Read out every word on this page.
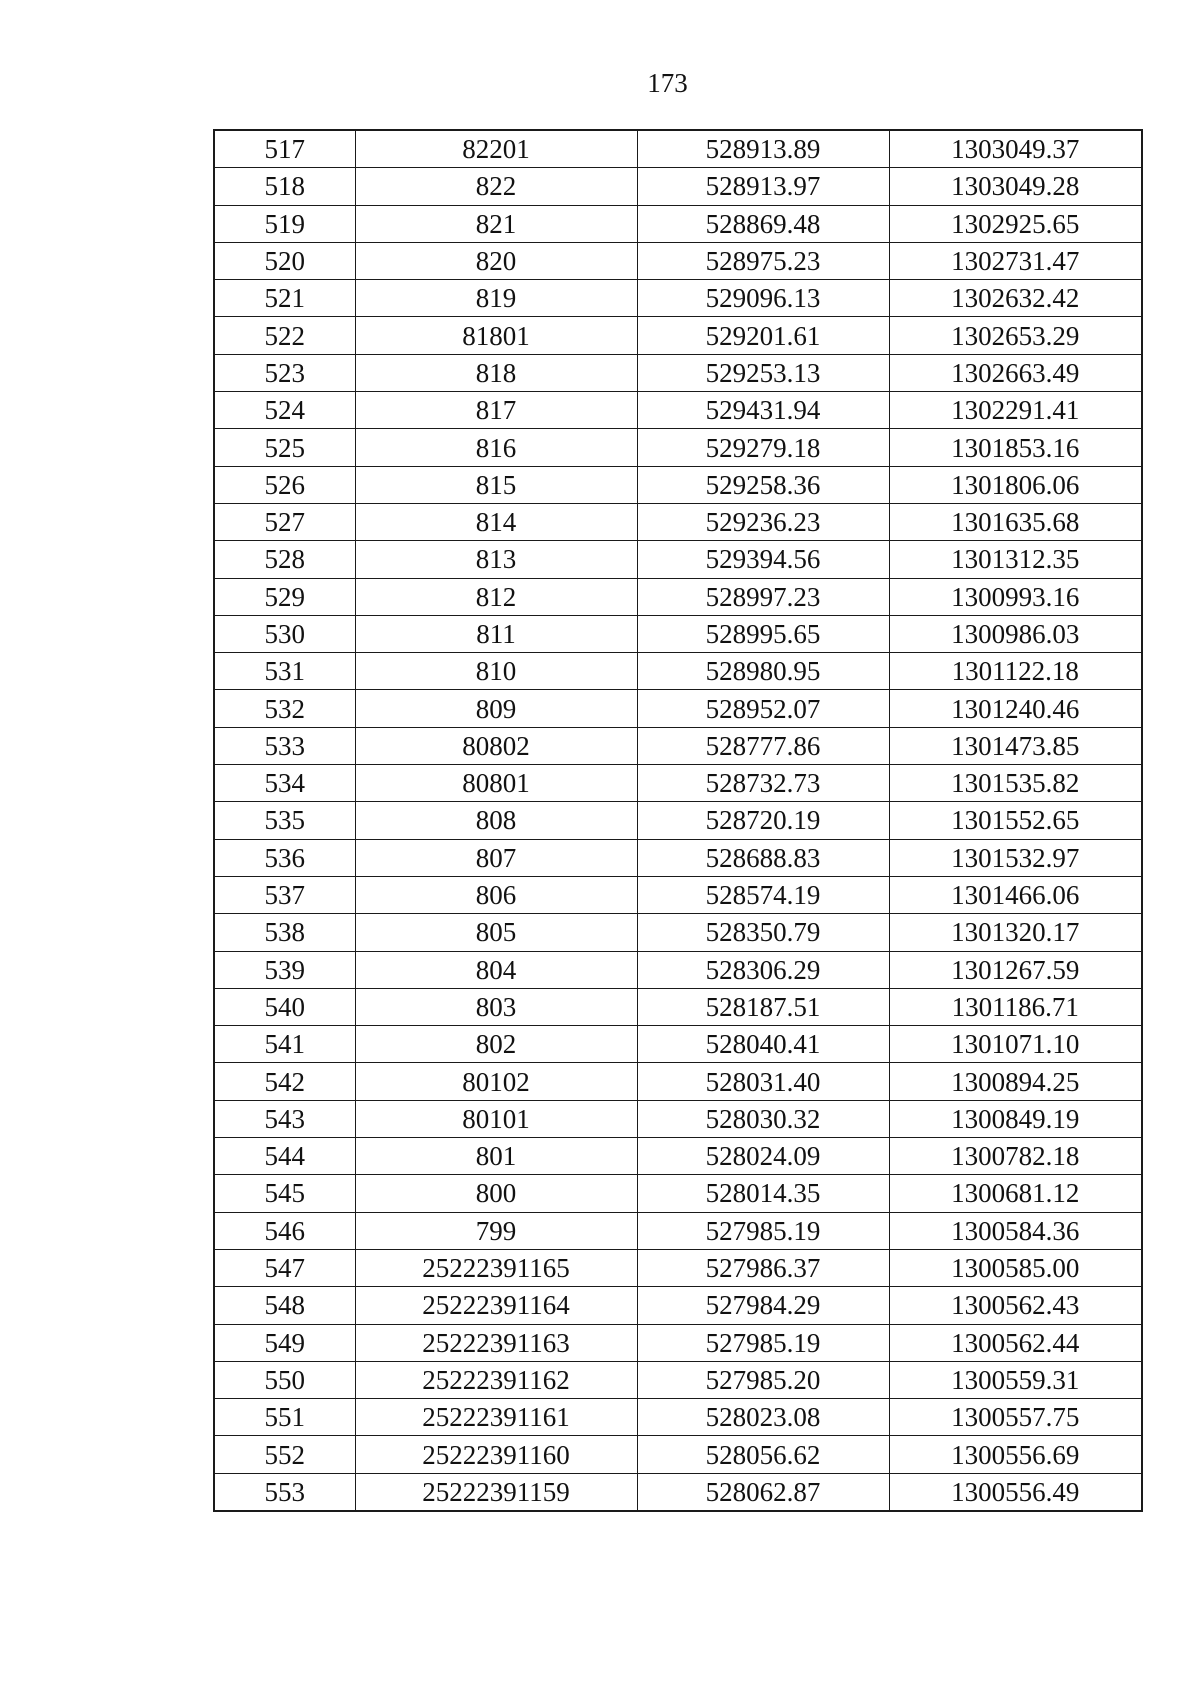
173
517	82201	528913.89	1303049.37
518	822	528913.97	1303049.28
519	821	528869.48	1302925.65
520	820	528975.23	1302731.47
521	819	529096.13	1302632.42
522	81801	529201.61	1302653.29
523	818	529253.13	1302663.49
524	817	529431.94	1302291.41
525	816	529279.18	1301853.16
526	815	529258.36	1301806.06
527	814	529236.23	1301635.68
528	813	529394.56	1301312.35
529	812	528997.23	1300993.16
530	811	528995.65	1300986.03
531	810	528980.95	1301122.18
532	809	528952.07	1301240.46
533	80802	528777.86	1301473.85
534	80801	528732.73	1301535.82
535	808	528720.19	1301552.65
536	807	528688.83	1301532.97
537	806	528574.19	1301466.06
538	805	528350.79	1301320.17
539	804	528306.29	1301267.59
540	803	528187.51	1301186.71
541	802	528040.41	1301071.10
542	80102	528031.40	1300894.25
543	80101	528030.32	1300849.19
544	801	528024.09	1300782.18
545	800	528014.35	1300681.12
546	799	527985.19	1300584.36
547	25222391165	527986.37	1300585.00
548	25222391164	527984.29	1300562.43
549	25222391163	527985.19	1300562.44
550	25222391162	527985.20	1300559.31
551	25222391161	528023.08	1300557.75
552	25222391160	528056.62	1300556.69
553	25222391159	528062.87	1300556.49
